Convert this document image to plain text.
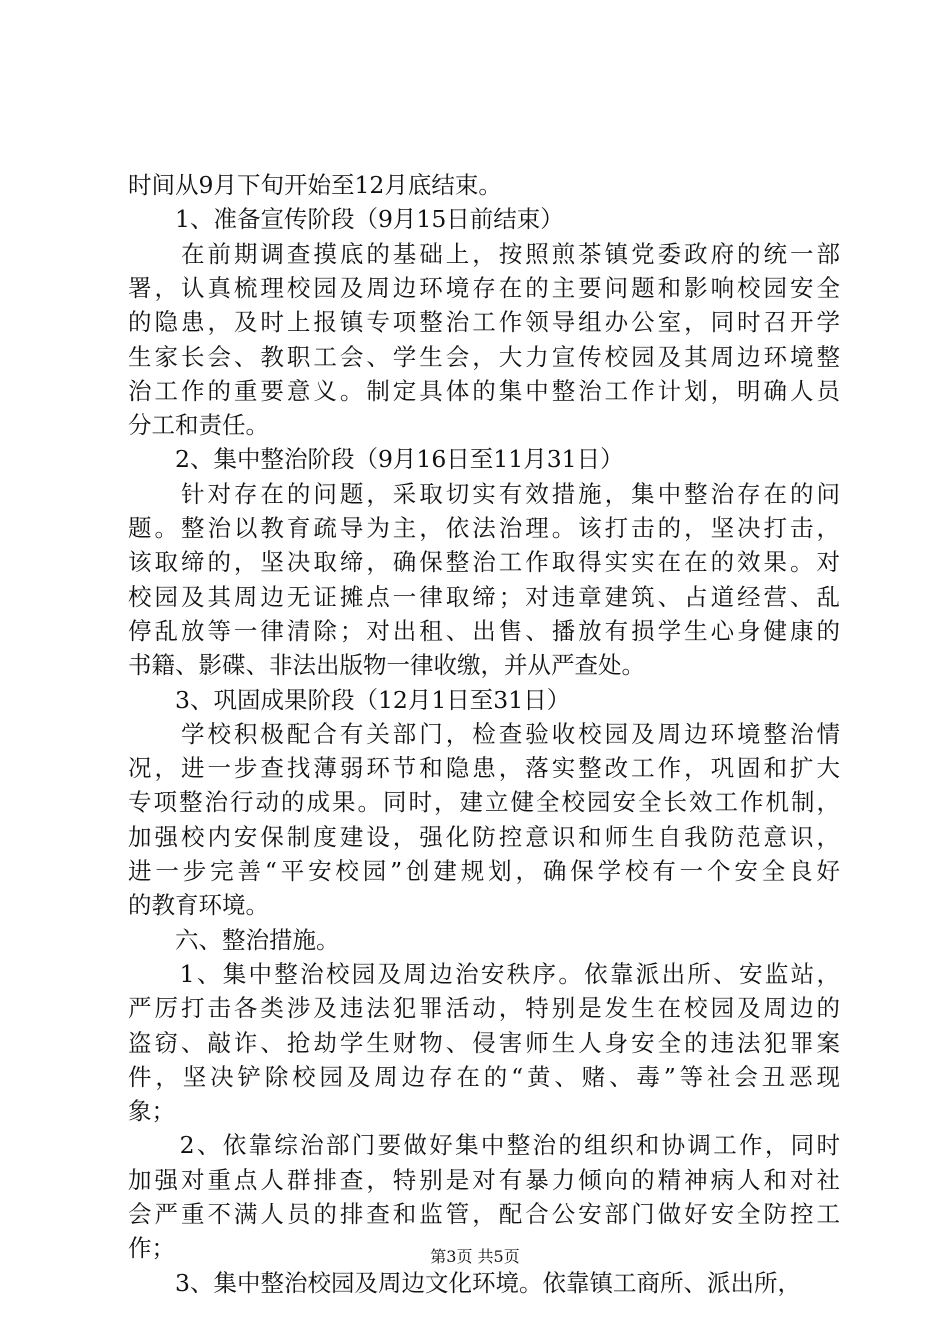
时间从9月下旬开始至12月底结束。
　　1、准备宣传阶段（9月15日前结束）
　　在前期调查摸底的基础上，按照煎茶镇党委政府的统一部
署，认真梳理校园及周边环境存在的主要问题和影响校园安全
的隐患，及时上报镇专项整治工作领导组办公室，同时召开学
生家长会、教职工会、学生会，大力宣传校园及其周边环境整
治工作的重要意义。制定具体的集中整治工作计划，明确人员
分工和责任。
　　2、集中整治阶段（9月16日至11月31日）
　　针对存在的问题，采取切实有效措施，集中整治存在的问
题。整治以教育疏导为主，依法治理。该打击的，坚决打击，
该取缔的，坚决取缔，确保整治工作取得实实在在的效果。对
校园及其周边无证摊点一律取缔；对违章建筑、占道经营、乱
停乱放等一律清除；对出租、出售、播放有损学生心身健康的
书籍、影碟、非法出版物一律收缴，并从严查处。
　　3、巩固成果阶段（12月1日至31日）
　　学校积极配合有关部门，检查验收校园及周边环境整治情
况，进一步查找薄弱环节和隐患，落实整改工作，巩固和扩大
专项整治行动的成果。同时，建立健全校园安全长效工作机制，
加强校内安保制度建设，强化防控意识和师生自我防范意识，
进一步完善“平安校园”创建规划，确保学校有一个安全良好
的教育环境。
　　六、整治措施。
　　1、集中整治校园及周边治安秩序。依靠派出所、安监站，
严厉打击各类涉及违法犯罪活动，特别是发生在校园及周边的
盗窃、敲诈、抢劫学生财物、侵害师生人身安全的违法犯罪案
件，坚决铲除校园及周边存在的“黄、赌、毒”等社会丑恶现
象；
　　2、依靠综治部门要做好集中整治的组织和协调工作，同时
加强对重点人群排查，特别是对有暴力倾向的精神病人和对社
会严重不满人员的排查和监管，配合公安部门做好安全防控工
作；
　　3、集中整治校园及周边文化环境。依靠镇工商所、派出所，
第3页 共5页
